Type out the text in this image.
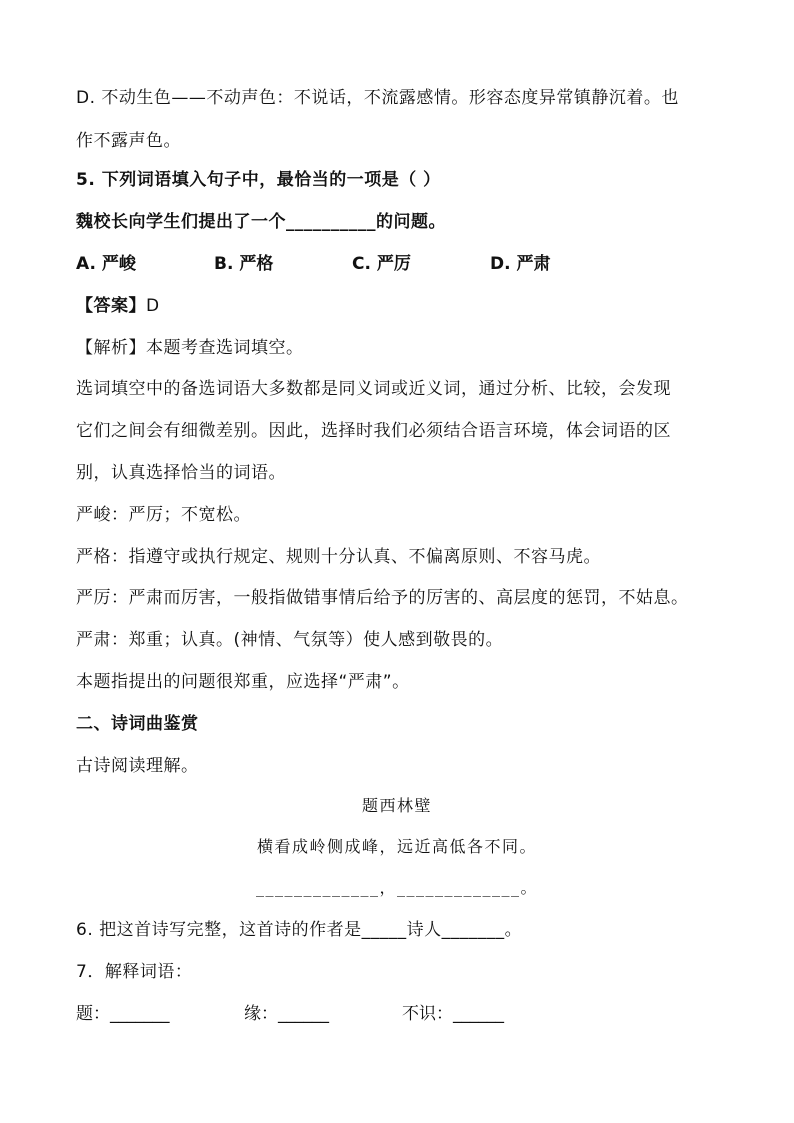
D. 不动生色——不动声色：不说话，不流露感情。形容态度异常镇静沉着。也
作不露声色。
5. 下列词语填入句子中，最恰当的一项是（ ）
魏校长向学生们提出了一个__________的问题。
A. 严峻	B. 严格	C. 严厉	D. 严肃
【答案】D
【解析】本题考查选词填空。
选词填空中的备选词语大多数都是同义词或近义词，通过分析、比较，会发现
它们之间会有细微差别。因此，选择时我们必须结合语言环境，体会词语的区
别，认真选择恰当的词语。
严峻：严厉；不宽松。
严格：指遵守或执行规定、规则十分认真、不偏离原则、不容马虎。
严厉：严肃而厉害，一般指做错事情后给予的厉害的、高层度的惩罚，不姑息。
严肃：郑重；认真。(神情、气氛等）使人感到敬畏的。
本题指提出的问题很郑重，应选择“严肃”。
二、诗词曲鉴赏
古诗阅读理解。
题西林壁
横看成岭侧成峰，远近高低各不同。
_____________，_____________。
6. 把这首诗写完整，这首诗的作者是_____诗人_______。
7．解释词语：
题：_______	缘：______	不识：______
